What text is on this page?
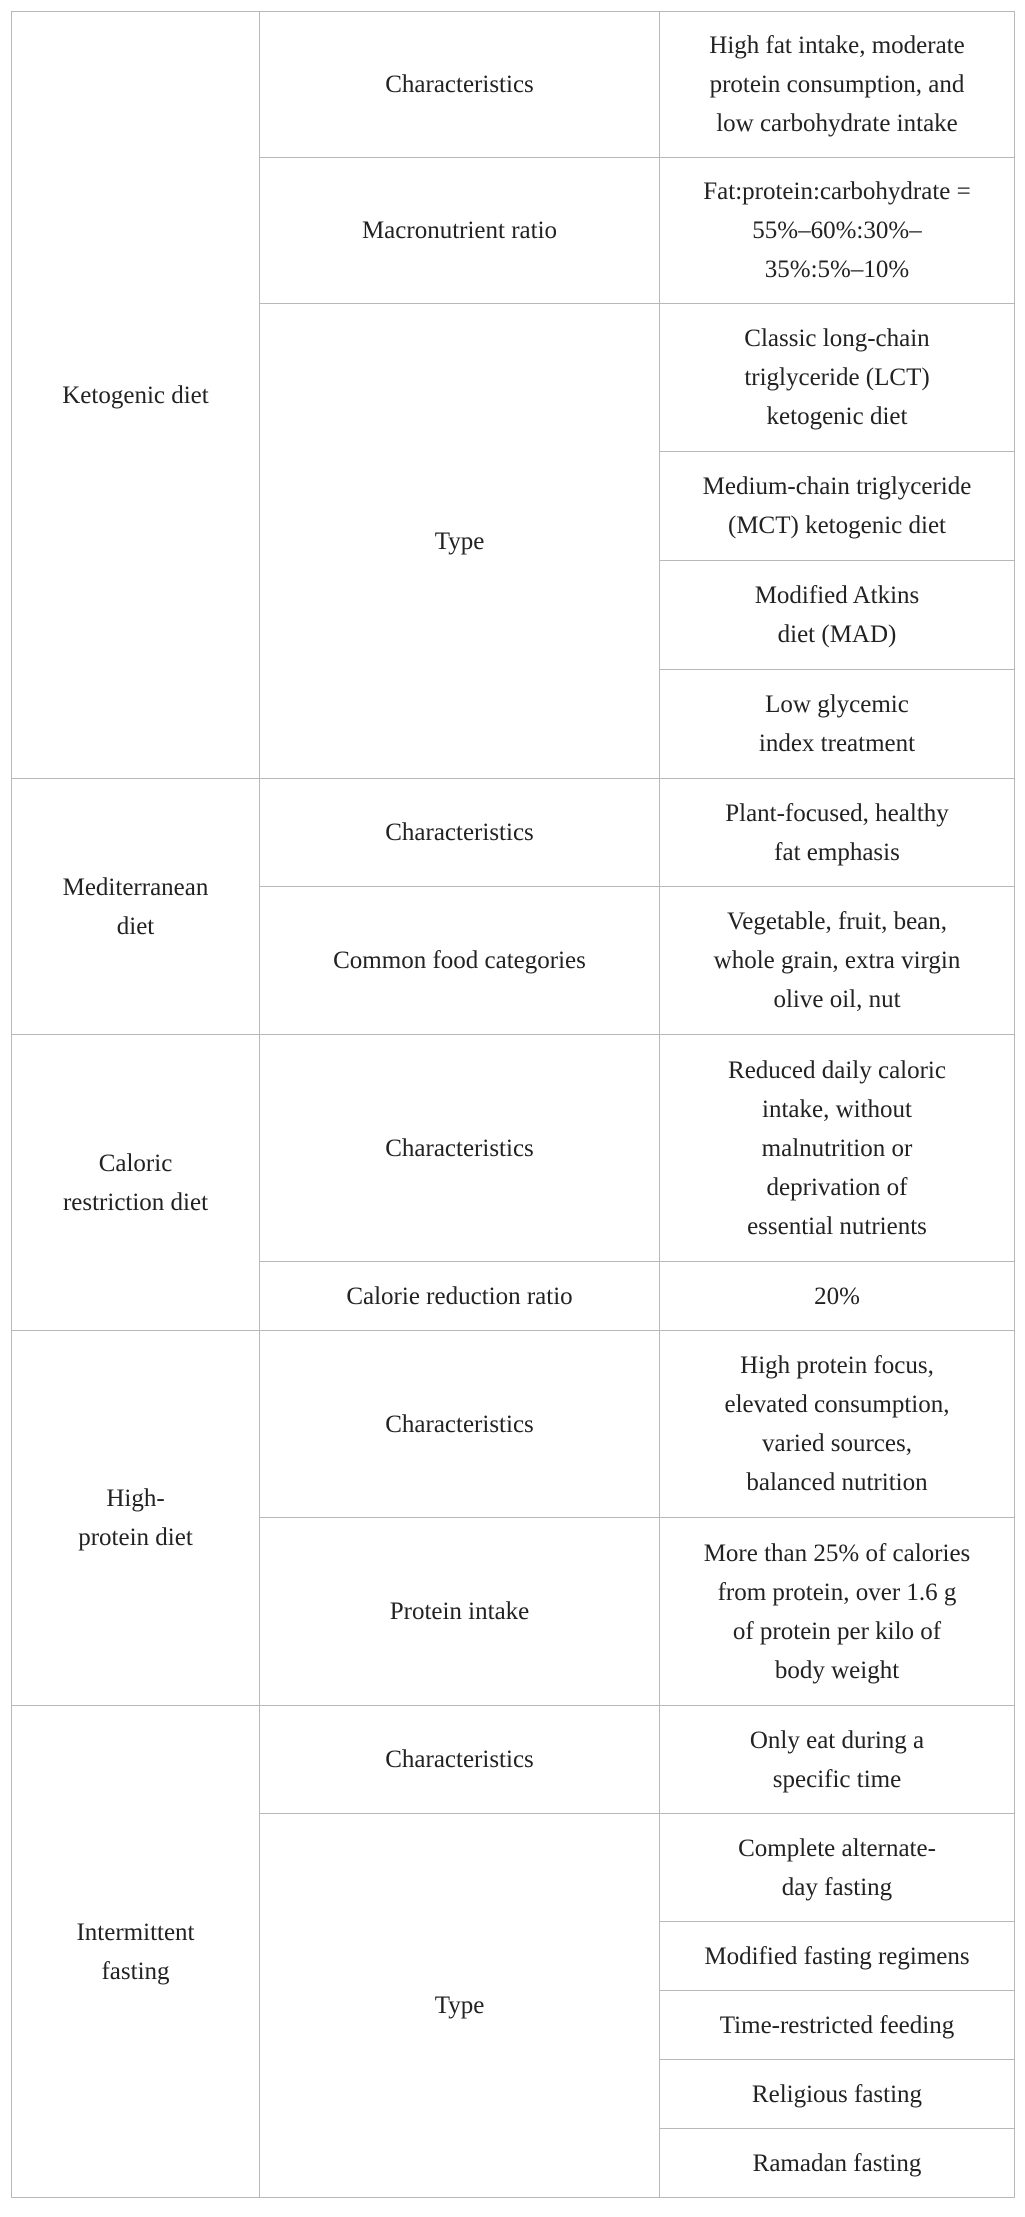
Ketogenic diet	Characteristics	High fat intake, moderate
protein consumption, and
low carbohydrate intake
	Macronutrient ratio	Fat:protein:carbohydrate =
55%–60%:30%–
35%:5%–10%
	Type	Classic long-chain
triglyceride (LCT)
ketogenic diet
		Medium-chain triglyceride
(MCT) ketogenic diet
		Modified Atkins
diet (MAD)
		Low glycemic
index treatment
Mediterranean
diet	Characteristics	Plant-focused, healthy
fat emphasis
	Common food categories	Vegetable, fruit, bean,
whole grain, extra virgin
olive oil, nut
Caloric
restriction diet	Characteristics	Reduced daily caloric
intake, without
malnutrition or
deprivation of
essential nutrients
	Calorie reduction ratio	20%
High-
protein diet	Characteristics	High protein focus,
elevated consumption,
varied sources,
balanced nutrition
	Protein intake	More than 25% of calories
from protein, over 1.6 g
of protein per kilo of
body weight
Intermittent
fasting	Characteristics	Only eat during a
specific time
	Type	Complete alternate-
day fasting
		Modified fasting regimens
		Time-restricted feeding
		Religious fasting
		Ramadan fasting
